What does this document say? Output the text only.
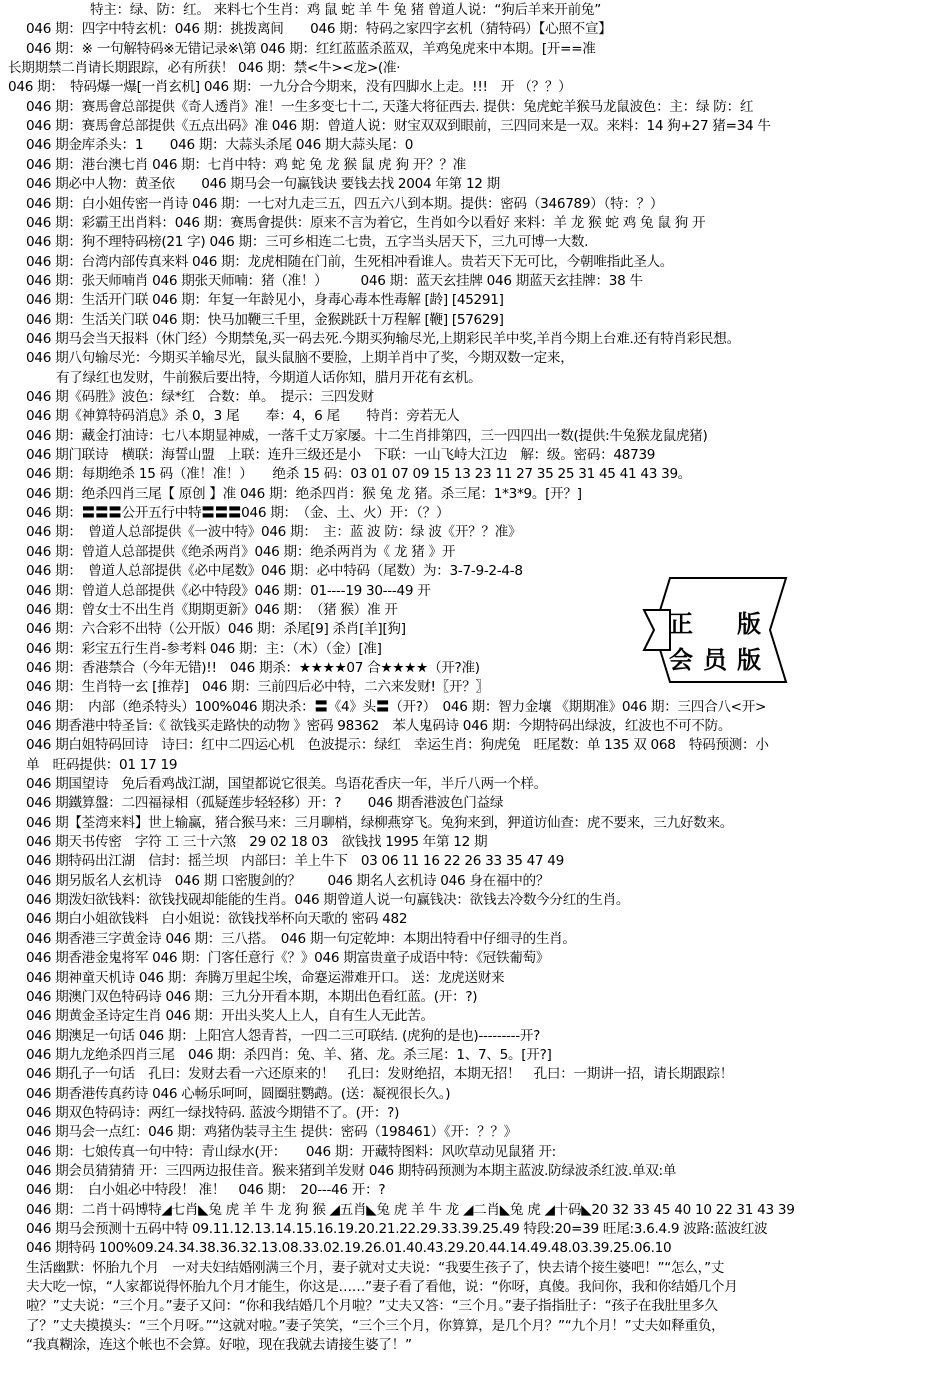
特主：绿、防：红。 来料七个生肖：鸡 鼠 蛇 羊 牛 兔 猪 曾道人说：“狗后羊来开前兔”
046 期：四字中特玄机：046 期：挑拨离间　　046 期：特码之家四字玄机（猜特码）【心照不宣】
046 期：※ 一句解特码※无错记录※\第 046 期：红红蓝蓝杀蓝双，羊鸡兔虎来中本期。[开==准
长期期禁二肖请长期跟踪，必有所获！ 046 期：禁<牛><龙>(准·
046 期：　特码爆一爆[一肖玄机] 046 期：一九分合今期来，没有四脚水上走。!!!　开 （？？）
046 期：赛馬會总部提供《奇人透肖》准！一生多变七十二, 天蓬大将征西去. 提供：兔虎蛇羊猴马龙鼠波色：主：绿 防：红
046 期：赛馬會总部提供《五点出码》准 046 期：曾道人说：财宝双双到眼前，三四同来是一双。来料：14 狗+27 猪=34 牛
046 期金库杀头：1　　046 期：大蒜头杀尾 046 期大蒜头尾：0
046 期：港台澳七肖 046 期：七肖中特：鸡 蛇 兔 龙 猴 鼠 虎 狗 开？？准
046 期必中人物：黄圣依　　046 期马会一句赢钱诀 要钱去找 2004 年第 12 期
046 期：白小姐传密一肖诗 046 期：一七对九走三五，四五六八到本期。提供：密码（346789）（特：？）
046 期：彩霸王出肖料：046 期：赛馬會提供：原来不言为着它，生肖如今以看好 来料：羊 龙 猴 蛇 鸡 兔 鼠 狗 开
046 期：狗不理特码榜(21 字) 046 期：三可乡相连二七贵，五字当头居天下，三九可博一大数.
046 期：台湾内部传真来料 046 期：龙虎相随在门前，生死相冲看谁人。贵若天下无可比，今朝唯指此圣人。
046 期：张天师喃肖 046 期张天师喃：猪（准！）　　　046 期：蓝天玄挂牌 046 期蓝天玄挂牌：38 牛
046 期：生活开门联 046 期：年复一年龄见小，身毒心毒本性毒解 [龄] [45291]
046 期：生活关门联 046 期：快马加鞭三千里，金猴跳跃十万程解 [鞭] [57629]
046 期马会当天报料（休门经）今期禁兔,买一码去死.今期买狗输尽光,上期彩民羊中奖,羊肖今期上台难.还有特肖彩民想。
046 期八句输尽光：今期买羊输尽光，鼠头鼠脑不要脸，上期羊肖中了奖，今期双数一定来，
有了绿红也发财，牛前猴后要出特，今期道人话你知，腊月开花有玄机。
046 期《码胜》波色：绿*红　合数：单。　提示：三四发财
046 期《神算特码消息》杀 0，3 尾　　奉：4，6 尾　　特肖：旁若无人
046 期：藏金打油诗：七八本期显神威，一落千丈万家屡。十二生肖排第四，三一四四出一数(提供:牛兔猴龙鼠虎猪)
046 期门联诗　横联：海誓山盟　上联：连升三级还是小　下联：一山飞峙大江边　解：级。密码：48739
046 期：每期绝杀 15 码（准！准！）　　绝杀 15 码：03 01 07 09 15 13 23 11 27 35 25 31 45 41 43 39。
046 期：绝杀四肖三尾【 原创 】准 046 期：绝杀四肖：猴 兔 龙 猪。杀三尾：1*3*9。[开？]
046 期：〓〓〓公开五行中特〓〓〓046 期：　（金、土、火）开：（？）
046 期：　曾道人总部提供《一波中特》046 期：　主：蓝 波 防：绿 波《开？？准》
046 期：曾道人总部提供《绝杀两肖》046 期：绝杀两肖为《 龙 猪 》开
046 期：　曾道人总部提供《必中尾数》046 期：必中特码（尾数）为：3-7-9-2-4-8
046 期：曾道人总部提供《必中特段》046 期：01----19 30---49 开
046 期：曾女士不出生肖《期期更新》046 期：　（猪 猴）准 开
046 期：六合彩不出特（公开版）046 期：杀尾[9] 杀肖[羊][狗]
046 期：彩宝五行生肖-参考料 046 期：主：（木）（金）[准]
046 期：香港禁合（今年无错)!!　046 期杀：★★★★07 合★★★★（开?准)
046 期：生肖特一玄 [推荐]　046 期：三前四后必中特，二六来发财!〖开？〗
046 期：　内部（绝杀特头）100%046 期决杀：〓《4》头〓（开?）　046 期：智力金壤 《期期准》046 期：三四合八<开>
046 期香港中特圣旨:《 欲钱买走路快的动物 》密码 98362　苯人鬼码诗 046 期：今期特码出绿波，红波也不可不防。
046 期白姐特码回诗　诗曰：红中二四运心机　色波提示：绿红　幸运生肖：狗虎兔　旺尾数：单 135 双 068　特码预测：小
单　旺码提供：01 17 19
046 期国望诗　免后看鸡战江湖，国望都说它很美。鸟语花香庆一年，半斤八两一个样。
046 期鐵算盤：二四福禄相（孤疑莲步轻轻移）开：?　　046 期香港波色门益绿
046 期【荃湾来料】世上输赢，猪合猴马来：三月聊梢，绿柳燕穿飞。兔狗来到，狎道访仙查：虎不要来，三九好数来。
046 期天书传密　字符 工 三十六煞　29 02 18 03　欲钱找 1995 年第 12 期
046 期特码出江湖　信封：摇兰坝　内部曰：羊上牛下　03 06 11 16 22 26 33 35 47 49
046 期另版名人玄机诗　046 期 口密腹剑的？　　046 期名人玄机诗 046 身在福中的？
046 期泼妇欲钱料：欲钱找砚却能能的生肖。046 期曾道人说一句赢钱决：欲钱去冷数今分红的生肖。
046 期白小姐欲钱料　白小姐说：欲钱找举杯向天歌的 密码 482
046 期香港三字黄金诗 046 期：三八搭。　046 期一句定乾坤：本期出特看中仔细寻的生肖。
046 期香港金鬼将军 046 期：门客任意行《？》046 期富贵童子成语中特：《冠铁葡萄》
046 期神童天机诗 046 期：奔腾万里起尘埃，命蹇运滞难开口。 送：龙虎送财来
046 期澳门双色特码诗 046 期：三九分开看本期，本期出色看红蓝。(开：?)
046 期黄金圣诗定生肖 046 期：开出头奖人上人，自有生人无此苦。
046 期澳足一句话 046 期：上阳宫人怨青苔，一四二三可联结. (虎狗的是也)---------开?
046 期九龙绝杀四肖三尾　046 期：杀四肖：兔、羊、猪、龙。杀三尾：1、7、5。[开?]
046 期孔子一句话　孔曰：发财去看一六还原来的！　孔曰：发财绝招，本期无招！　孔曰：一期讲一招，请长期跟踪！
046 期香港传真药诗 046 心畅乐呵呵，圆圈驻鹦鹉。(送：凝视很长久。)
046 期双色特码诗：两红一绿找特码. 蓝波今期错不了。(开：?)
046 期马会一点红：046 期：鸡猪伪装寻主生 提供：密码（198461）《开：？？》
046 期：七娘传真一句中特：青山绿水(开：　　046 期：开藏特图料：风吹草动见鼠猪 开:
046 期会员猜猜猜 开：三四两边报佳音。猴来猪到羊发财 046 期特码预测为本期主蓝波.防绿波杀红波.单双:单
046 期：　白小姐必中特段！ 准！　046 期：　20---46 开：?
046 期：二肖十码博特◢七肖◣兔 虎 羊 牛 龙 狗 猴 ◢五肖◣兔 虎 羊 牛 龙 ◢二肖◣兔 虎 ◢十码◣20 32 33 45 40 10 22 31 43 39
046 期马会预测十五码中特 09.11.12.13.14.15.16.19.20.21.22.29.33.39.25.49 特段:20=39 旺尾:3.6.4.9 波路:蓝波红波
046 期特码 100%09.24.34.38.36.32.13.08.33.02.19.26.01.40.43.29.20.44.14.49.48.03.39.25.06.10
生活幽默：怀胎九个月　一对夫妇结婚刚满三个月，妻子就对丈夫说：“我要生孩子了，快去请个接生婆吧！”“怎么，”丈
夫大吃一惊，“人家都说得怀胎九个月才能生，你这是……”妻子看了看他，说：“你呀，真傻。我问你，我和你结婚几个月
啦？”丈夫说：“三个月。”妻子又问：“你和我结婚几个月啦？”丈夫又答：“三个月。”妻子指指肚子：“孩子在我肚里多久
了？”丈夫摸摸头：“三个月呀。”“这就对啦。”妻子笑笑，“三个三个月，你算算，是几个月？”“九个月！”丈夫如释重负，
“我真糊涂，连这个帐也不会算。好啦，现在我就去请接生婆了！”
正　版
会员版
